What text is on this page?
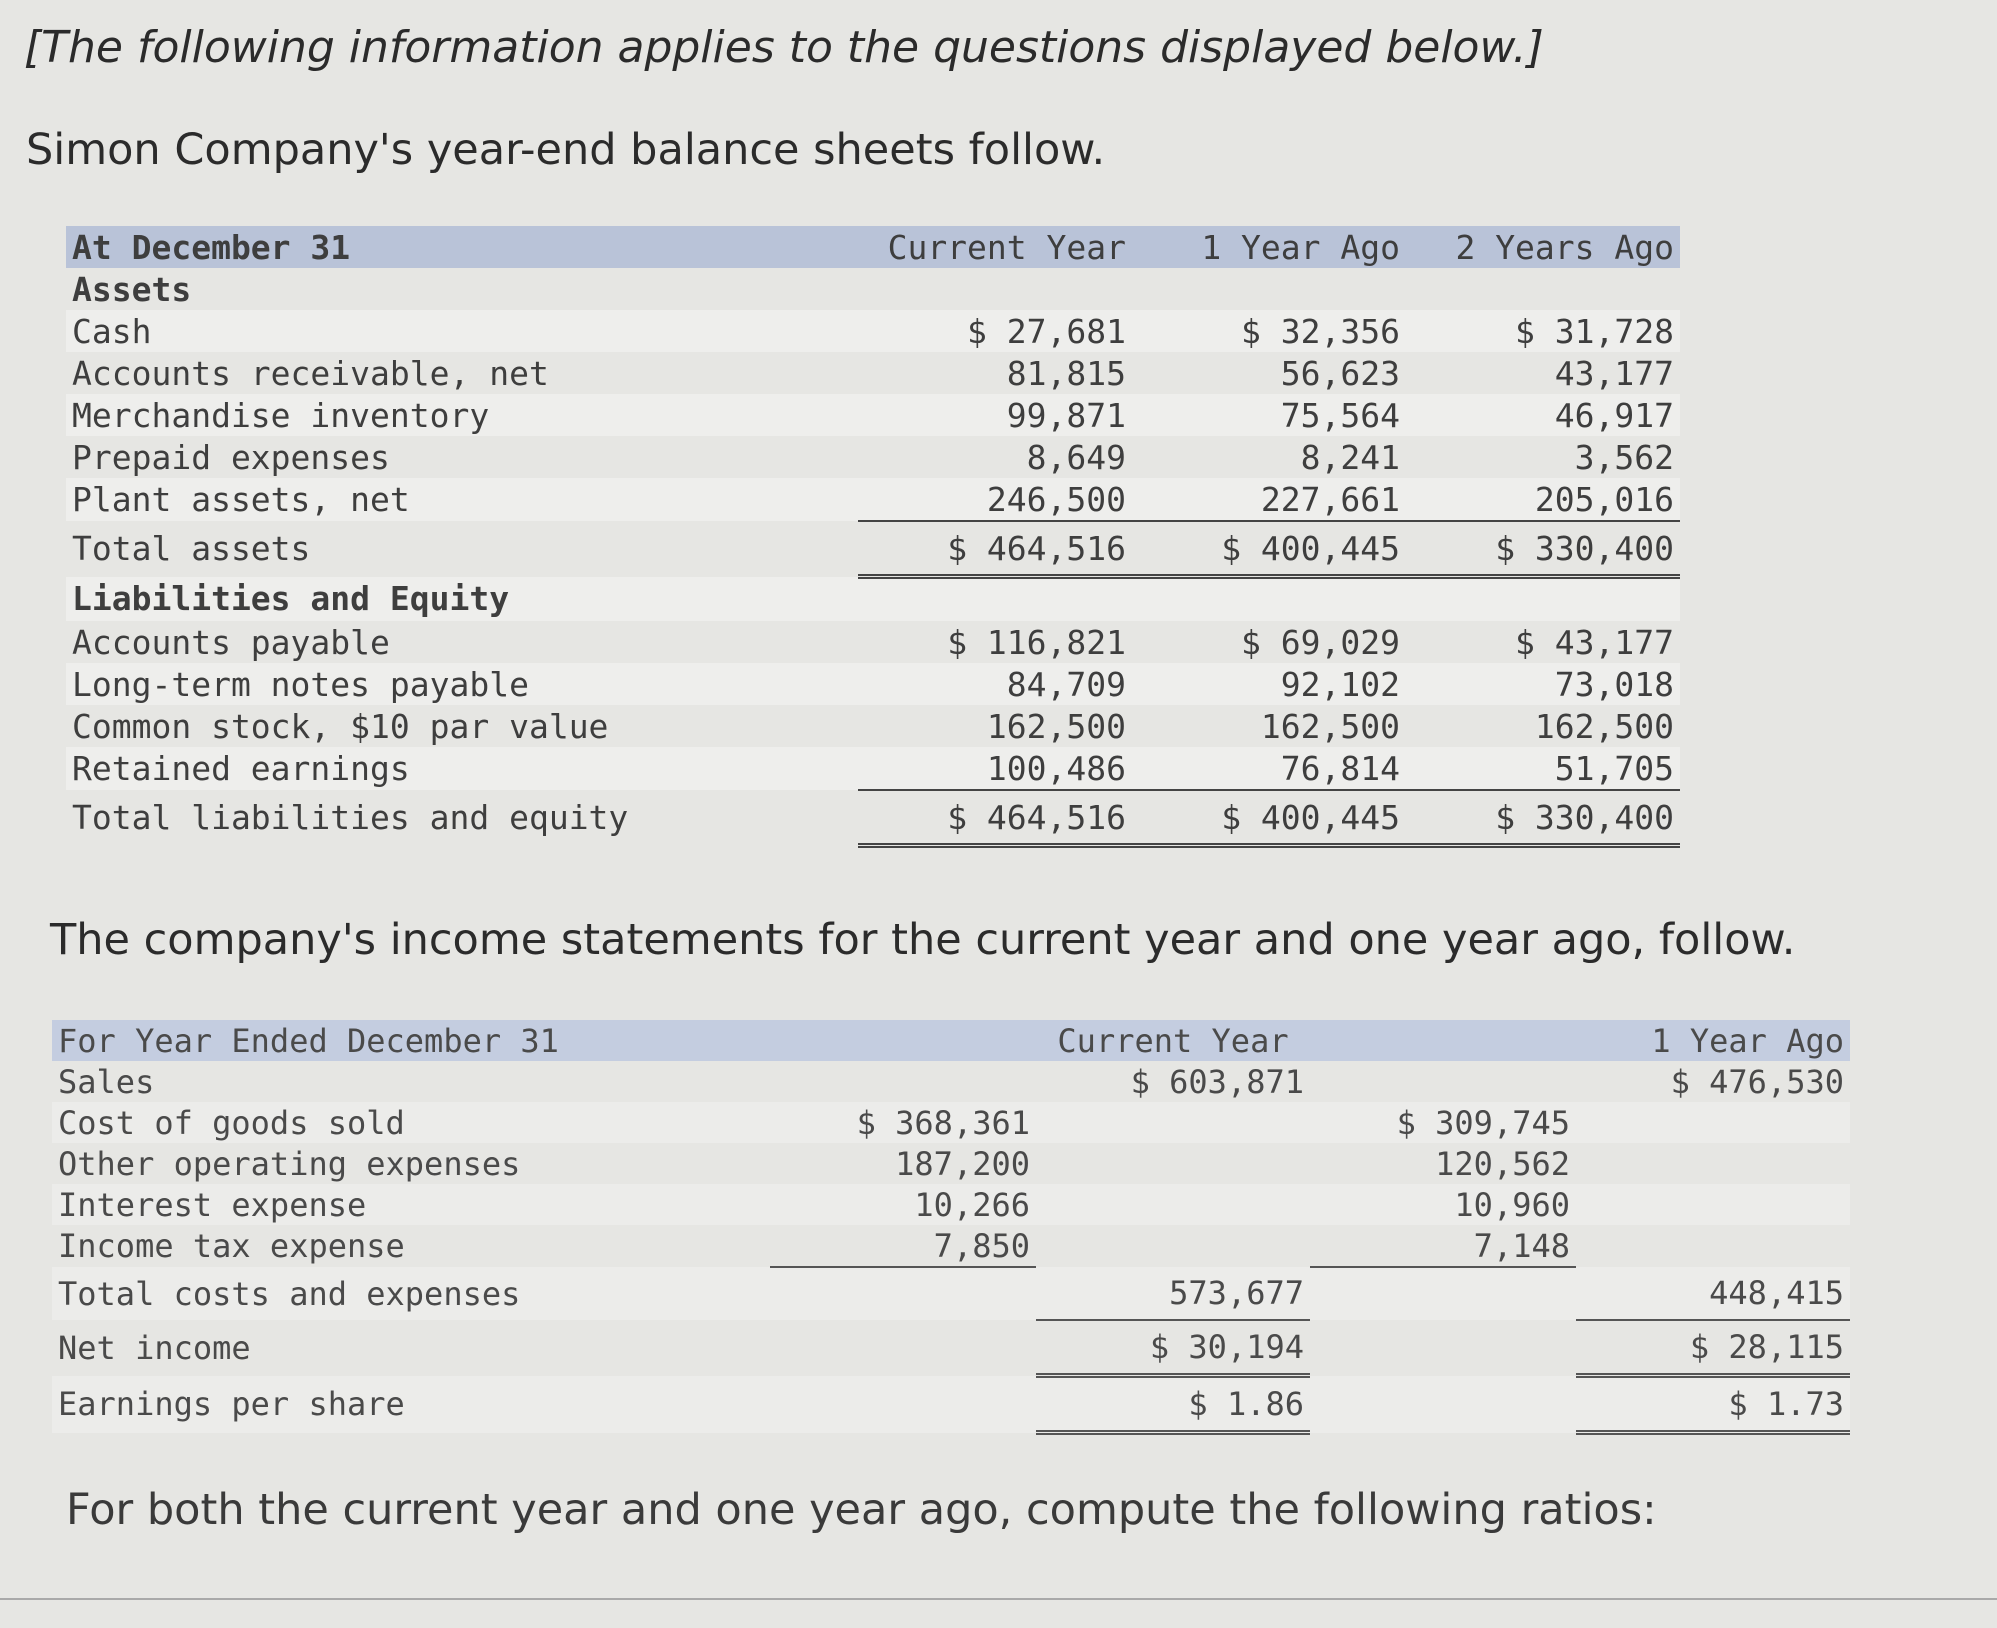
[The following information applies to the questions displayed below.]

Simon Company's year-end balance sheets follow.

At December 31	Current Year	1 Year Ago	2 Years Ago
Assets			
Cash	$ 27,681	$ 32,356	$ 31,728
Accounts receivable, net	81,815	56,623	43,177
Merchandise inventory	99,871	75,564	46,917
Prepaid expenses	8,649	8,241	3,562
Plant assets, net	246,500	227,661	205,016
Total assets	$ 464,516	$ 400,445	$ 330,400
Liabilities and Equity			
Accounts payable	$ 116,821	$ 69,029	$ 43,177
Long-term notes payable	84,709	92,102	73,018
Common stock, $10 par value	162,500	162,500	162,500
Retained earnings	100,486	76,814	51,705
Total liabilities and equity	$ 464,516	$ 400,445	$ 330,400

The company's income statements for the current year and one year ago, follow.

For Year Ended December 31		Current Year		1 Year Ago
Sales		$ 603,871		$ 476,530
Cost of goods sold	$ 368,361		$ 309,745	
Other operating expenses	187,200		120,562	
Interest expense	10,266		10,960	
Income tax expense	7,850		7,148	
Total costs and expenses		573,677		448,415
Net income		$ 30,194		$ 28,115
Earnings per share		$ 1.86		$ 1.73

For both the current year and one year ago, compute the following ratios:
